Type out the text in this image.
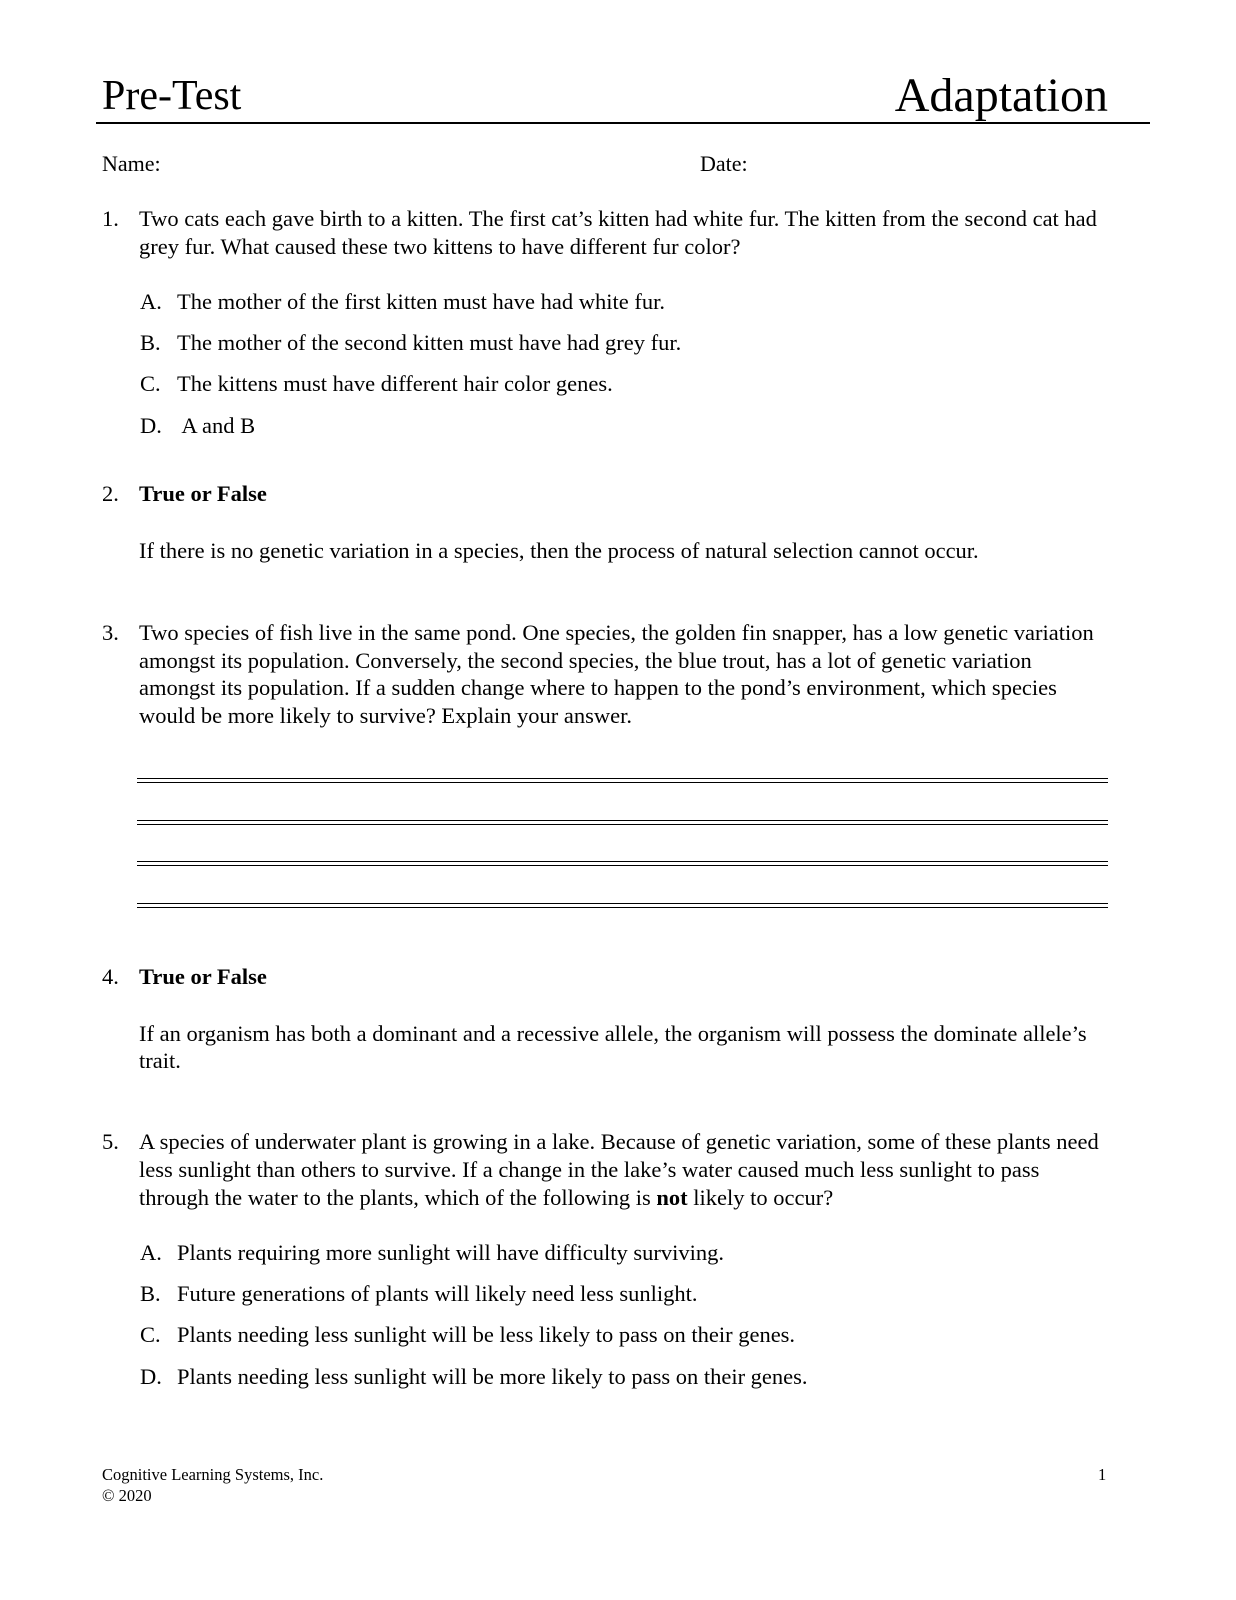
Pre-Test	Adaptation
Name:	Date:
1. Two cats each gave birth to a kitten. The first cat’s kitten had white fur. The kitten from the second cat had grey fur. What caused these two kittens to have different fur color?
A. The mother of the first kitten must have had white fur.
B. The mother of the second kitten must have had grey fur.
C. The kittens must have different hair color genes.
D. A and B
2. True or False
If there is no genetic variation in a species, then the process of natural selection cannot occur.
3. Two species of fish live in the same pond. One species, the golden fin snapper, has a low genetic variation amongst its population. Conversely, the second species, the blue trout, has a lot of genetic variation amongst its population. If a sudden change where to happen to the pond’s environment, which species would be more likely to survive? Explain your answer.
4. True or False
If an organism has both a dominant and a recessive allele, the organism will possess the dominate allele’s trait.
5. A species of underwater plant is growing in a lake. Because of genetic variation, some of these plants need less sunlight than others to survive. If a change in the lake’s water caused much less sunlight to pass through the water to the plants, which of the following is not likely to occur?
A. Plants requiring more sunlight will have difficulty surviving.
B. Future generations of plants will likely need less sunlight.
C. Plants needing less sunlight will be less likely to pass on their genes.
D. Plants needing less sunlight will be more likely to pass on their genes.
Cognitive Learning Systems, Inc.
© 2020
1
